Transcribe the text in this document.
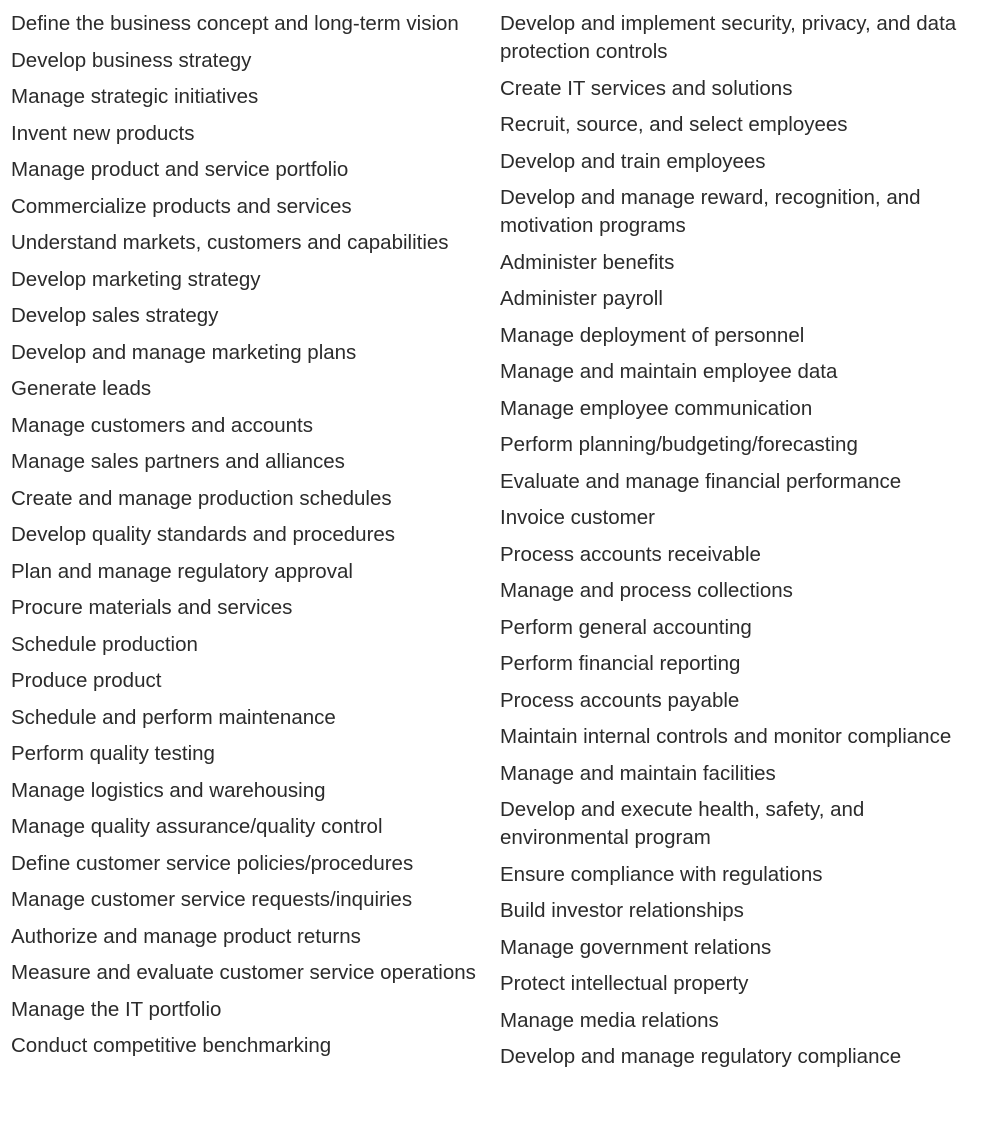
Define the business concept and long-term vision
Develop business strategy
Manage strategic initiatives
Invent new products
Manage product and service portfolio
Commercialize products and services
Understand markets, customers and capabilities
Develop marketing strategy
Develop sales strategy
Develop and manage marketing plans
Generate leads
Manage customers and accounts
Manage sales partners and alliances
Create and manage production schedules
Develop quality standards and procedures
Plan and manage regulatory approval
Procure materials and services
Schedule production
Produce product
Schedule and perform maintenance
Perform quality testing
Manage logistics and warehousing
Manage quality assurance/quality control
Define customer service policies/procedures
Manage customer service requests/inquiries
Authorize and manage product returns
Measure and evaluate customer service operations
Manage the IT portfolio
Conduct competitive benchmarking
Develop and implement security, privacy, and data protection controls
Create IT services and solutions
Recruit, source, and select employees
Develop and train employees
Develop and manage reward, recognition, and motivation programs
Administer benefits
Administer payroll
Manage deployment of personnel
Manage and maintain employee data
Manage employee communication
Perform planning/budgeting/forecasting
Evaluate and manage financial performance
Invoice customer
Process accounts receivable
Manage and process collections
Perform general accounting
Perform financial reporting
Process accounts payable
Maintain internal controls and monitor compliance
Manage and maintain facilities
Develop and execute health, safety, and environmental program
Ensure compliance with regulations
Build investor relationships
Manage government relations
Protect intellectual property
Manage media relations
Develop and manage regulatory compliance
